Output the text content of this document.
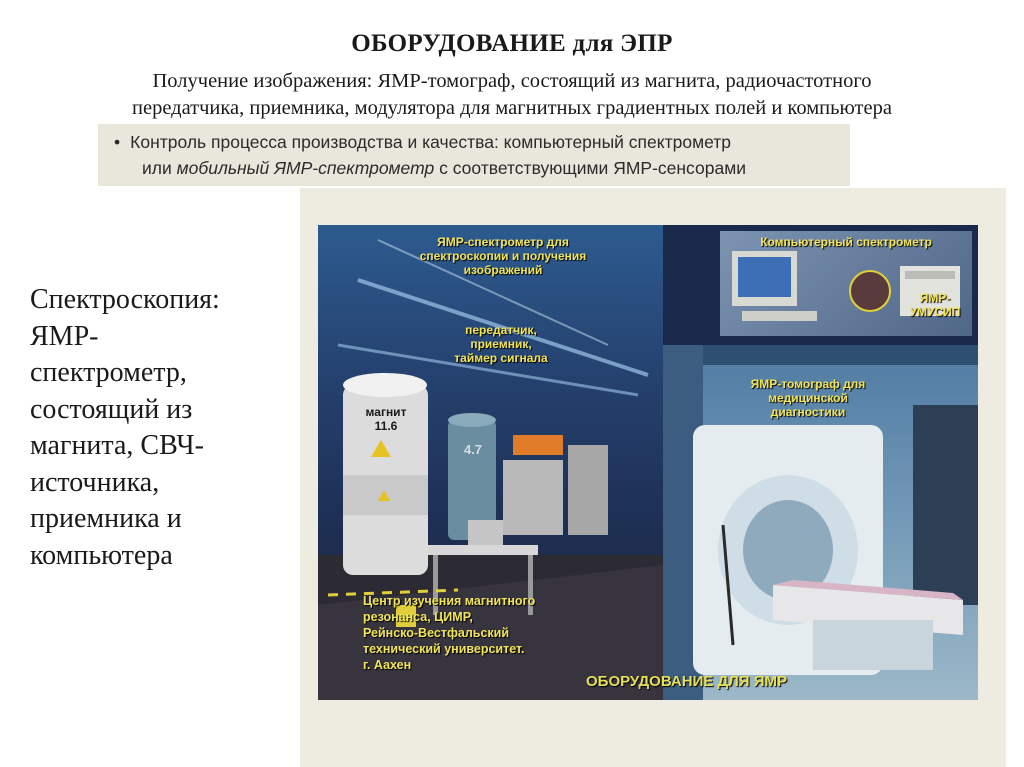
ОБОРУДОВАНИЕ для ЭПР
Получение изображения: ЯМР-томограф, состоящий из магнита, радиочастотного
передатчика, приемника, модулятора для магнитных градиентных полей и компьютера
• Контроль процесса производства и качества: компьютерный спектрометр
или мобильный ЯМР-спектрометр с соответствующими ЯМР-сенсорами
Спектроскопия:
ЯМР-
спектрометр,
состоящий из
магнита, СВЧ-
источника,
приемника и
компьютера
ЯМР-спектрометр для
спектроскопии и получения
изображений
передатчик,
приемник,
таймер сигнала
магнит
11.6
4.7
Центр изучения магнитного
резонанса, ЦИМР,
Рейнско-Вестфальский
технический университет.
г. Аахен
Компьютерный спектрометр
ЯМР-
УМУСИП
ЯМР-томограф для
медицинской
диагностики
ОБОРУДОВАНИЕ ДЛЯ ЯМР
